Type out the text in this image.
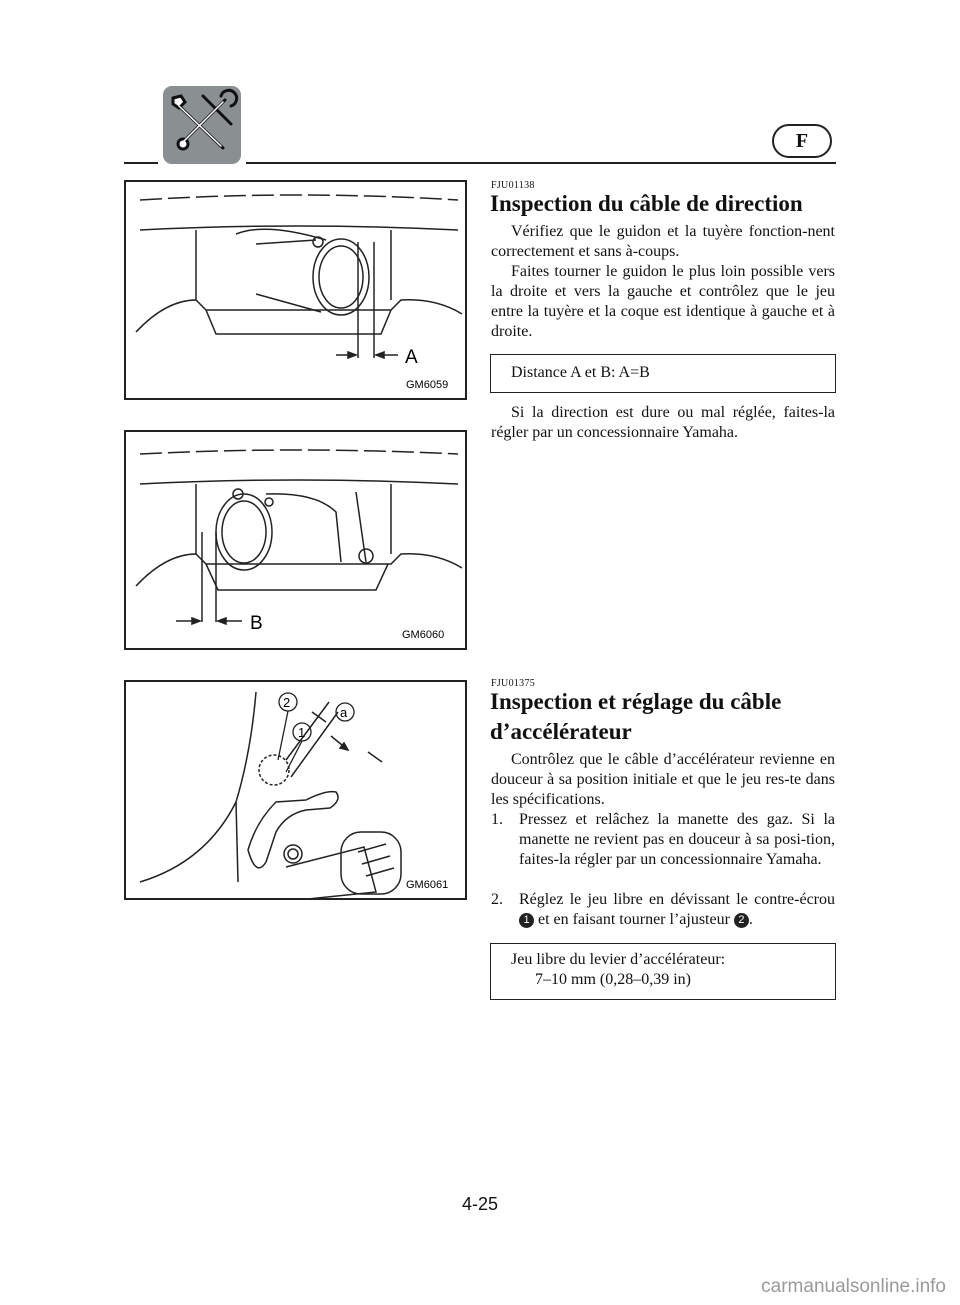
F
A
GM6059
B
GM6060
2
1
a
GM6061
FJU01138
Inspection du câble de direction
Vérifiez que le guidon et la tuyère fonction-nent correctement et sans à-coups.
Faites tourner le guidon le plus loin possible vers la droite et vers la gauche et contrôlez que le jeu entre la tuyère et la coque est identique à gauche et à droite.
Distance A et B: A=B
Si la direction est dure ou mal réglée, faites-la régler par un concessionnaire Yamaha.
FJU01375
Inspection et réglage du câble
d’accélérateur
Contrôlez que le câble d’accélérateur revienne en douceur à sa position initiale et que le jeu res-te dans les spécifications.
1. Pressez et relâchez la manette des gaz. Si la manette ne revient pas en douceur à sa posi-tion, faites-la régler par un concessionnaire Yamaha.
2. Réglez le jeu libre en dévissant le contre-écrou 1 et en faisant tourner l’ajusteur 2 .
Jeu libre du levier d’accélérateur:
7–10 mm (0,28–0,39 in)
4-25
carmanualsonline.info
